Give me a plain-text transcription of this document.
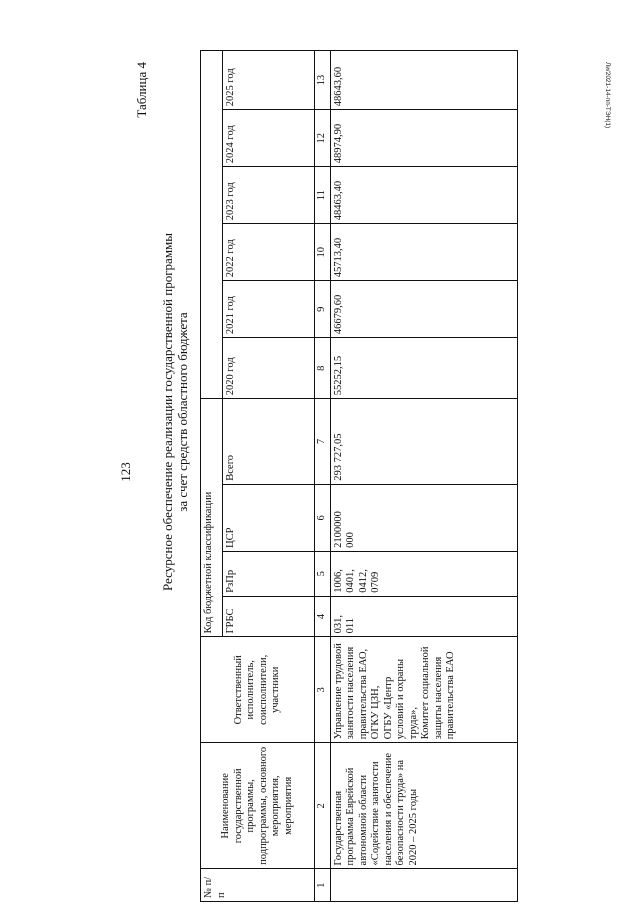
Ли/2021-14-пп-ТЭН(1)
123
Таблица 4
Ресурсное обеспечение реализации государственной программы
за счет средств областного бюджета
№ п/п	Наименование государственной программы, подпрограммы, основного мероприятия, мероприятия	Ответственный исполнитель, соисполнители, участники	Код бюджетной классификации									
			ГРБС	РзПр	ЦСР	Всего	2020 год	2021 год	2022 год	2023 год	2024 год	2025 год
1	2	3	4	5	6	7	8	9	10	11	12	13
	Государственная программа Еврейской автономной области «Содействие занятости населения и обеспечение безопасности труда» на 2020 – 2025 годы	Управление трудовой занятости населения правительства ЕАО,
ОГКУ ЦЗН,
ОГБУ «Центр условий и охраны труда»,
Комитет социальной защиты населения правительства ЕАО	031,
011	1006,
0401,
0412,
0709	2100000
000	293 727,05	55252,15	46679,60	45713,40	48463,40	48974,90	48643,60
